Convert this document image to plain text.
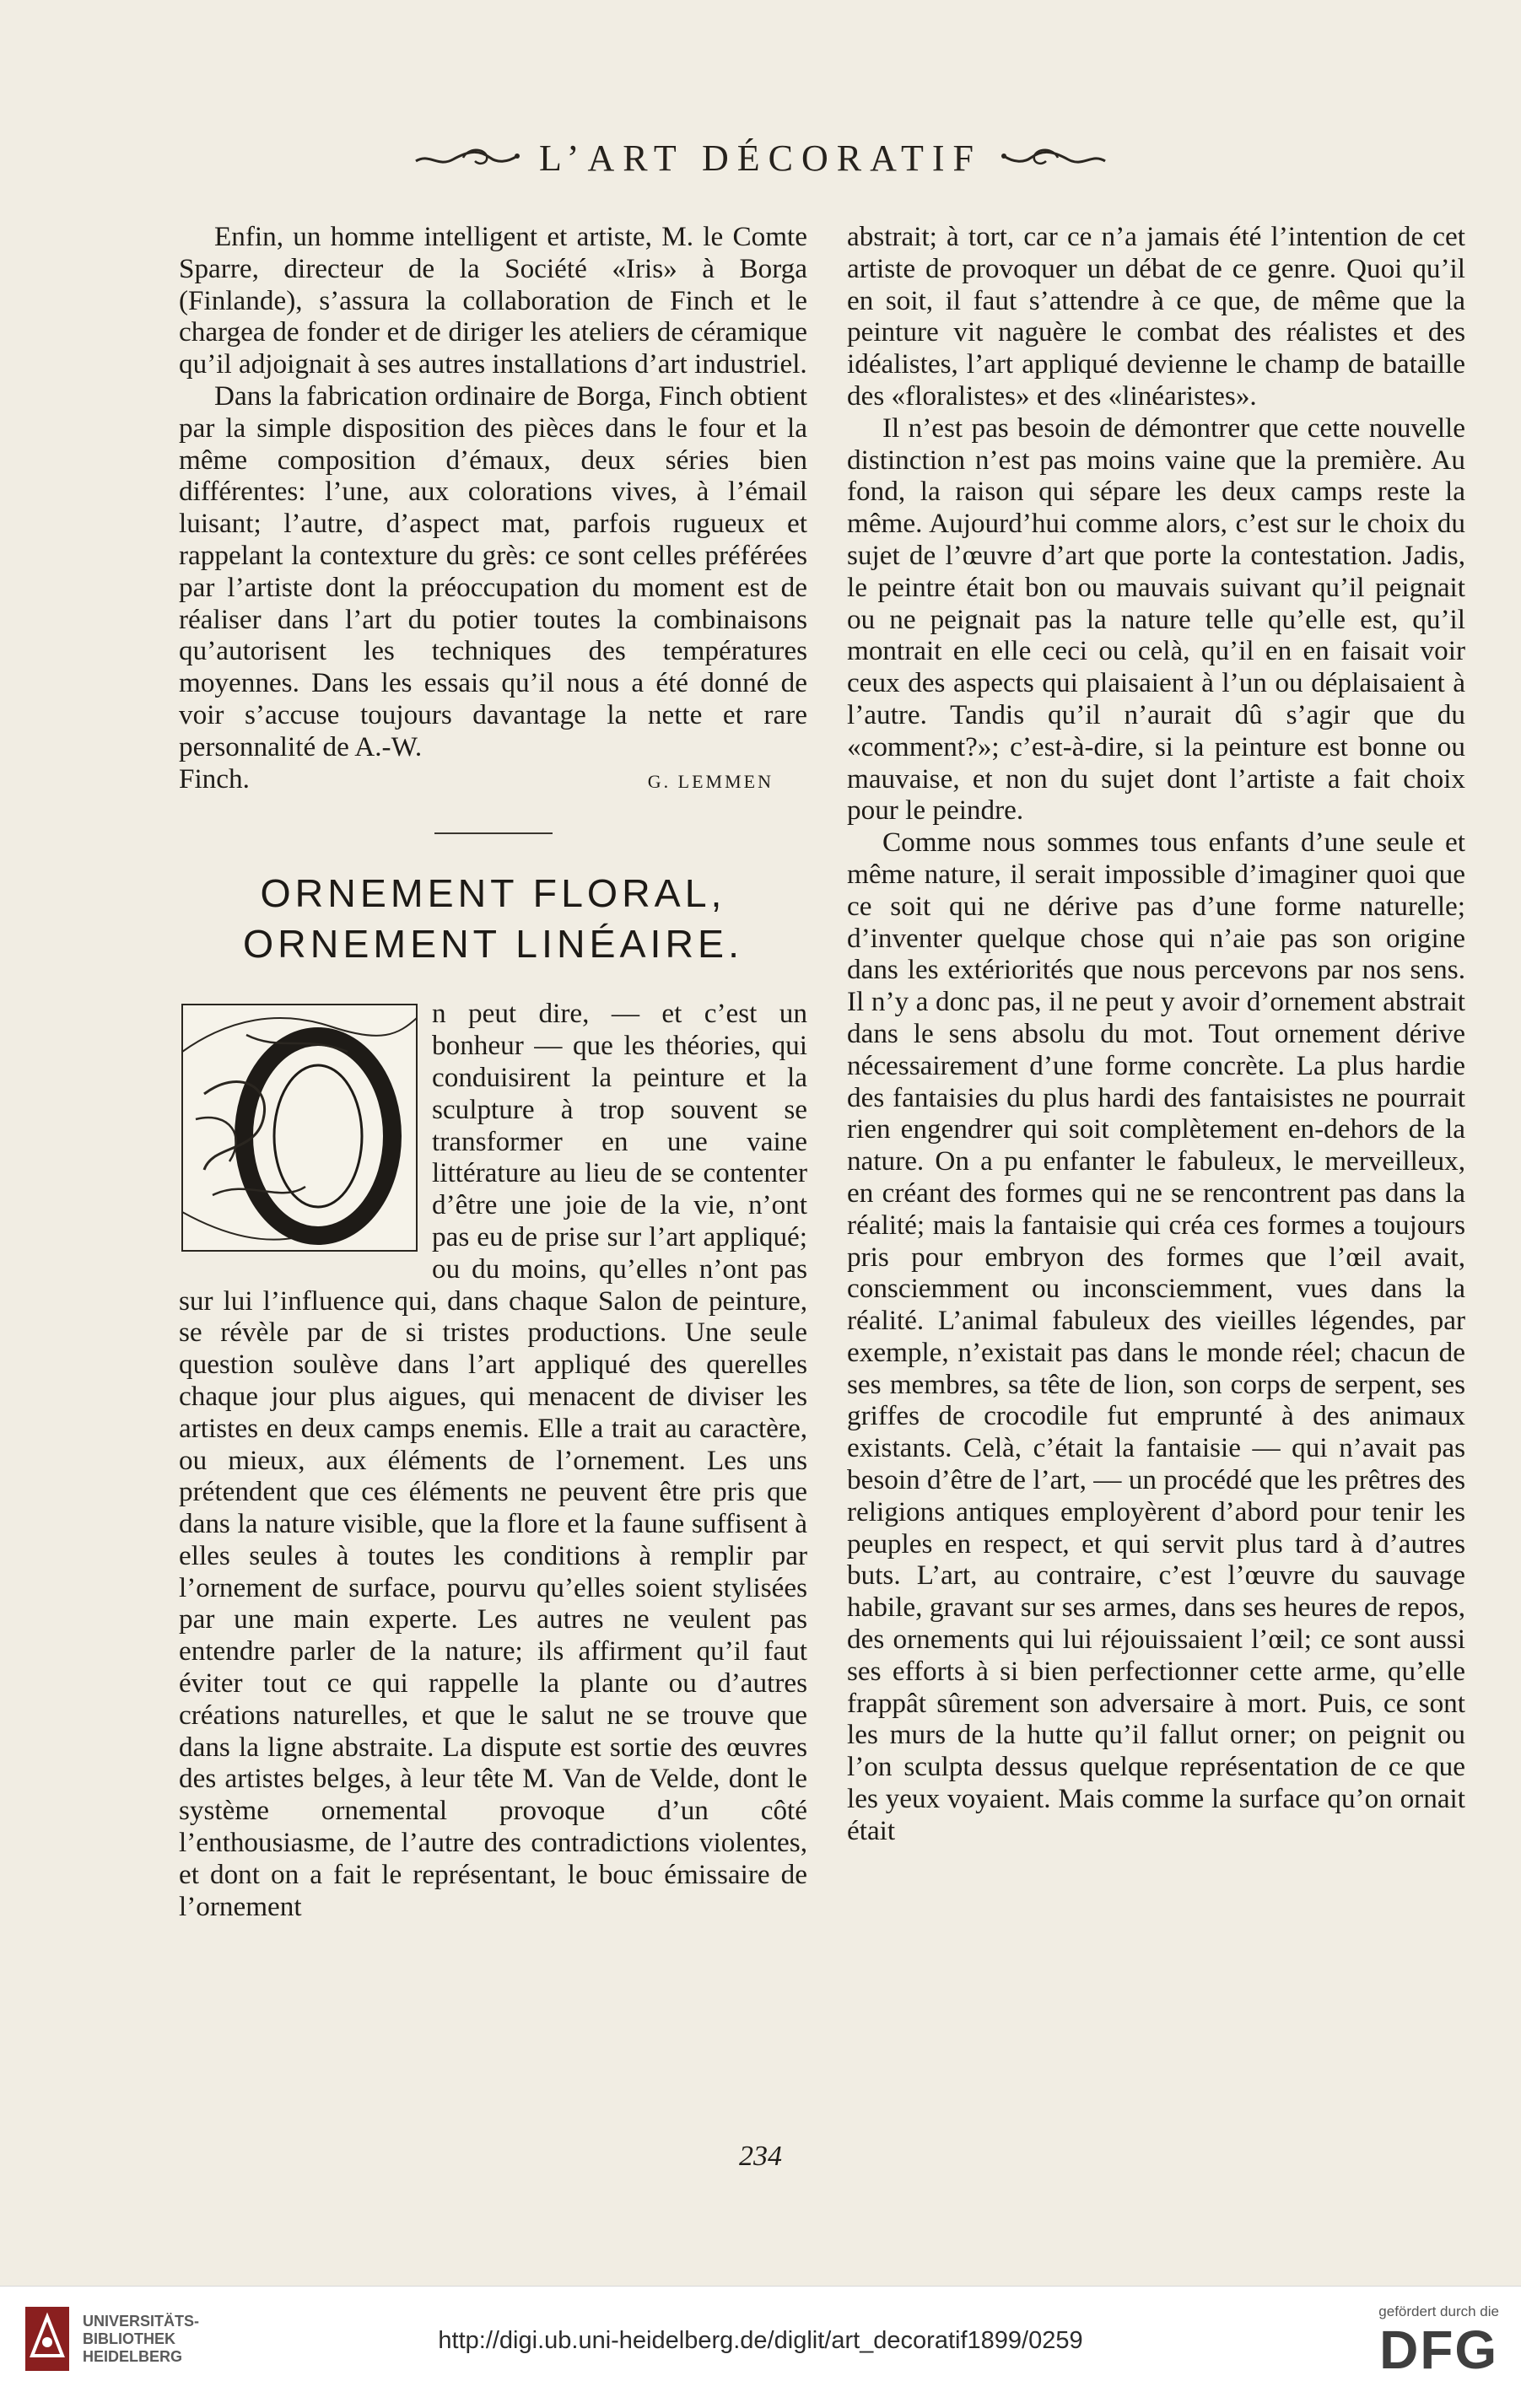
L’ART DÉCORATIF

Enfin, un homme intelligent et artiste, M. le Comte Sparre, directeur de la Société «Iris» à Borga (Finlande), s’assura la collaboration de Finch et le chargea de fonder et de diriger les ateliers de céramique qu’il adjoignait à ses autres installations d’art industriel.

Dans la fabrication ordinaire de Borga, Finch obtient par la simple disposition des pièces dans le four et la même composition d’émaux, deux séries bien différentes: l’une, aux colorations vives, à l’émail luisant; l’autre, d’aspect mat, parfois rugueux et rappelant la contexture du grès: ce sont celles préférées par l’artiste dont la préoccupation du moment est de réaliser dans l’art du potier toutes la combinaisons qu’autorisent les techniques des températures moyennes. Dans les essais qu’il nous a été donné de voir s’accuse toujours davantage la nette et rare personnalité de A.-W.

Finch.	G. LEMMEN
ORNEMENT FLORAL,
ORNEMENT LINÉAIRE.

n peut dire, — et c’est un bonheur — que les théories, qui conduisirent la peinture et la sculpture à trop souvent se transformer en une vaine littérature au lieu de se contenter d’être une joie de la vie, n’ont pas eu de prise sur l’art appliqué; ou du moins, qu’elles n’ont pas sur lui l’influence qui, dans chaque Salon de peinture, se révèle par de si tristes productions. Une seule question soulève dans l’art appliqué des querelles chaque jour plus aigues, qui menacent de diviser les artistes en deux camps enemis. Elle a trait au caractère, ou mieux, aux éléments de l’ornement. Les uns prétendent que ces éléments ne peuvent être pris que dans la nature visible, que la flore et la faune suffisent à elles seules à toutes les conditions à remplir par l’ornement de surface, pourvu qu’elles soient stylisées par une main experte. Les autres ne veulent pas entendre parler de la nature; ils affirment qu’il faut éviter tout ce qui rappelle la plante ou d’autres créations naturelles, et que le salut ne se trouve que dans la ligne abstraite. La dispute est sortie des œuvres des artistes belges, à leur tête M. Van de Velde, dont le système ornemental provoque d’un côté l’enthousiasme, de l’autre des contradictions violentes, et dont on a fait le représentant, le bouc émissaire de l’ornement

abstrait; à tort, car ce n’a jamais été l’intention de cet artiste de provoquer un débat de ce genre. Quoi qu’il en soit, il faut s’attendre à ce que, de même que la peinture vit naguère le combat des réalistes et des idéalistes, l’art appliqué devienne le champ de bataille des «floralistes» et des «linéaristes».

Il n’est pas besoin de démontrer que cette nouvelle distinction n’est pas moins vaine que la première. Au fond, la raison qui sépare les deux camps reste la même. Aujourd’hui comme alors, c’est sur le choix du sujet de l’œuvre d’art que porte la contestation. Jadis, le peintre était bon ou mauvais suivant qu’il peignait ou ne peignait pas la nature telle qu’elle est, qu’il montrait en elle ceci ou celà, qu’il en en faisait voir ceux des aspects qui plaisaient à l’un ou déplaisaient à l’autre. Tandis qu’il n’aurait dû s’agir que du «comment?»; c’est-à-dire, si la peinture est bonne ou mauvaise, et non du sujet dont l’artiste a fait choix pour le peindre.

Comme nous sommes tous enfants d’une seule et même nature, il serait impossible d’imaginer quoi que ce soit qui ne dérive pas d’une forme naturelle; d’inventer quelque chose qui n’aie pas son origine dans les extériorités que nous percevons par nos sens. Il n’y a donc pas, il ne peut y avoir d’ornement abstrait dans le sens absolu du mot. Tout ornement dérive nécessairement d’une forme concrète. La plus hardie des fantaisies du plus hardi des fantaisistes ne pourrait rien engendrer qui soit complètement en-dehors de la nature. On a pu enfanter le fabuleux, le merveilleux, en créant des formes qui ne se rencontrent pas dans la réalité; mais la fantaisie qui créa ces formes a toujours pris pour embryon des formes que l’œil avait, consciemment ou inconsciemment, vues dans la réalité. L’animal fabuleux des vieilles légendes, par exemple, n’existait pas dans le monde réel; chacun de ses membres, sa tête de lion, son corps de serpent, ses griffes de crocodile fut emprunté à des animaux existants. Celà, c’était la fantaisie — qui n’avait pas besoin d’être de l’art, — un procédé que les prêtres des religions antiques employèrent d’abord pour tenir les peuples en respect, et qui servit plus tard à d’autres buts. L’art, au contraire, c’est l’œuvre du sauvage habile, gravant sur ses armes, dans ses heures de repos, des ornements qui lui réjouissaient l’œil; ce sont aussi ses efforts à si bien perfectionner cette arme, qu’elle frappât sûrement son adversaire à mort. Puis, ce sont les murs de la hutte qu’il fallut orner; on peignit ou l’on sculpta dessus quelque représentation de ce que les yeux voyaient. Mais comme la surface qu’on ornait était

234
UNIVERSITÄTS-
BIBLIOTHEK
HEIDELBERG
http://digi.ub.uni-heidelberg.de/diglit/art_decoratif1899/0259
gefördert durch die
DFG
